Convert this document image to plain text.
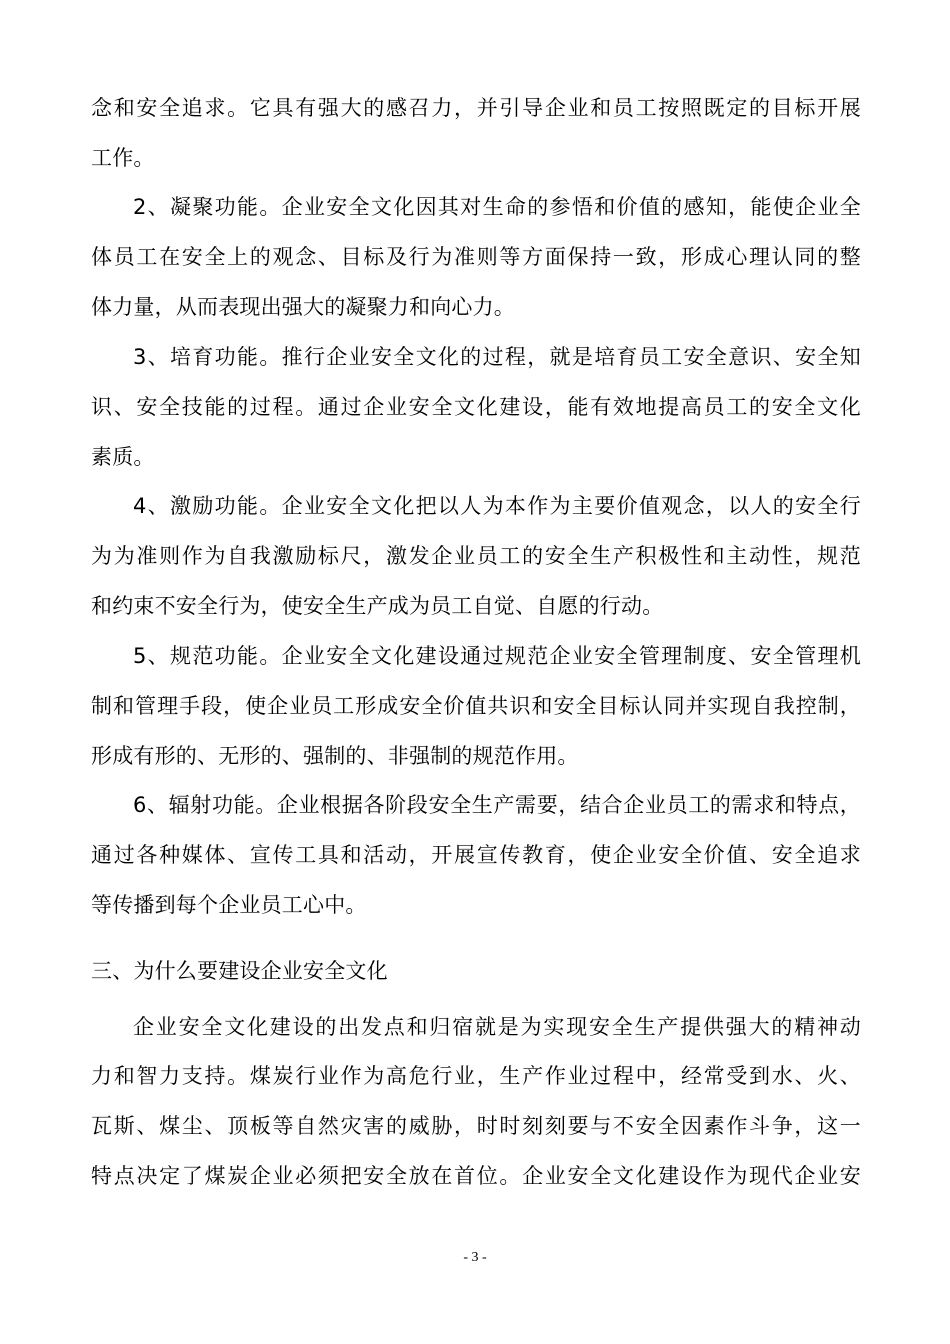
念和安全追求。它具有强大的感召力，并引导企业和员工按照既定的目标开展
工作。
2、凝聚功能。企业安全文化因其对生命的参悟和价值的感知，能使企业全
体员工在安全上的观念、目标及行为准则等方面保持一致，形成心理认同的整
体力量，从而表现出强大的凝聚力和向心力。
3、培育功能。推行企业安全文化的过程，就是培育员工安全意识、安全知
识、安全技能的过程。通过企业安全文化建设，能有效地提高员工的安全文化
素质。
4、激励功能。企业安全文化把以人为本作为主要价值观念，以人的安全行
为为准则作为自我激励标尺，激发企业员工的安全生产积极性和主动性，规范
和约束不安全行为，使安全生产成为员工自觉、自愿的行动。
5、规范功能。企业安全文化建设通过规范企业安全管理制度、安全管理机
制和管理手段，使企业员工形成安全价值共识和安全目标认同并实现自我控制，
形成有形的、无形的、强制的、非强制的规范作用。
6、辐射功能。企业根据各阶段安全生产需要，结合企业员工的需求和特点，
通过各种媒体、宣传工具和活动，开展宣传教育，使企业安全价值、安全追求
等传播到每个企业员工心中。
三、为什么要建设企业安全文化
企业安全文化建设的出发点和归宿就是为实现安全生产提供强大的精神动
力和智力支持。煤炭行业作为高危行业，生产作业过程中，经常受到水、火、
瓦斯、煤尘、顶板等自然灾害的威胁，时时刻刻要与不安全因素作斗争，这一
特点决定了煤炭企业必须把安全放在首位。企业安全文化建设作为现代企业安
- 3 -
